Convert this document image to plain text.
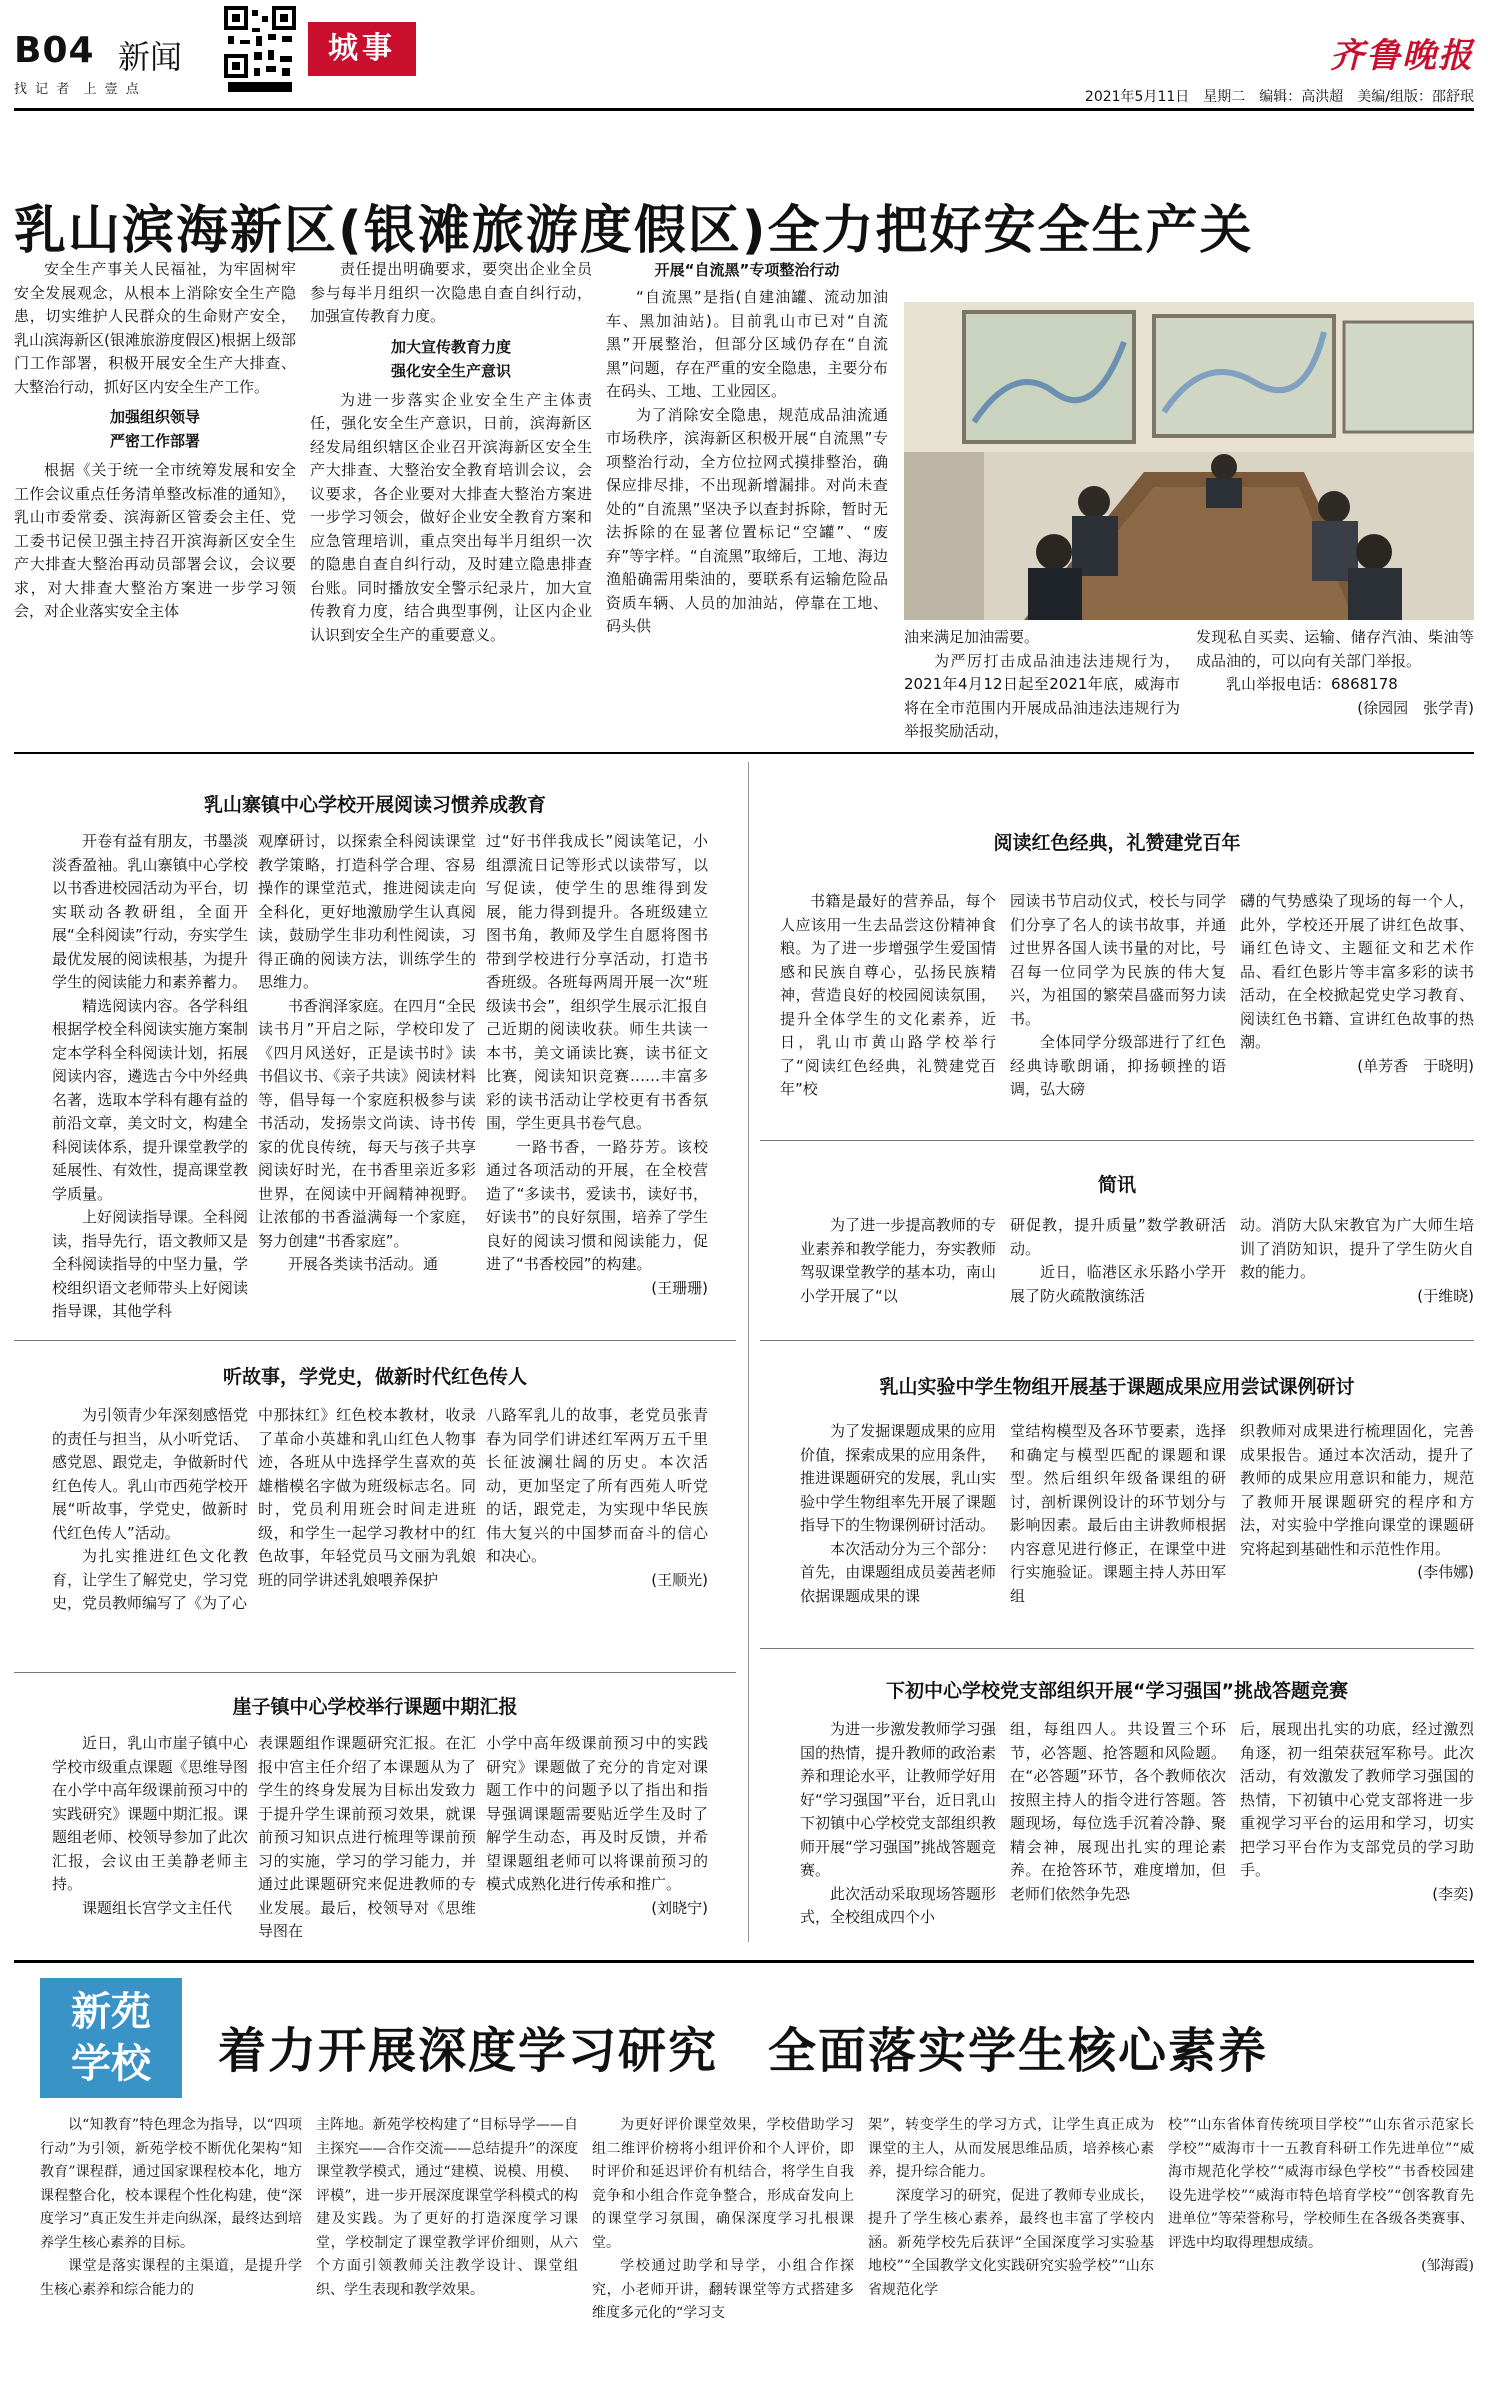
B04 新闻
找 记 者  上 壹 点
城事	齐鲁晚报
2021年5月11日　星期二　编辑：高洪超　美编/组版：邵舒珉
乳山滨海新区(银滩旅游度假区)全力把好安全生产关

安全生产事关人民福祉，为牢固树牢安全发展观念，从根本上消除安全生产隐患，切实维护人民群众的生命财产安全，乳山滨海新区(银滩旅游度假区)根据上级部门工作部署，积极开展安全生产大排查、大整治行动，抓好区内安全生产工作。

加强组织领导

严密工作部署

根据《关于统一全市统筹发展和安全工作会议重点任务清单整改标准的通知》，乳山市委常委、滨海新区管委会主任、党工委书记侯卫强主持召开滨海新区安全生产大排查大整治再动员部署会议，会议要求，对大排查大整治方案进一步学习领会，对企业落实安全主体

责任提出明确要求，要突出企业全员参与每半月组织一次隐患自查自纠行动，加强宣传教育力度。

加大宣传教育力度

强化安全生产意识

为进一步落实企业安全生产主体责任，强化安全生产意识，日前，滨海新区经发局组织辖区企业召开滨海新区安全生产大排查、大整治安全教育培训会议，会议要求，各企业要对大排查大整治方案进一步学习领会，做好企业安全教育方案和应急管理培训，重点突出每半月组织一次的隐患自查自纠行动，及时建立隐患排查台账。同时播放安全警示纪录片，加大宣传教育力度，结合典型事例，让区内企业认识到安全生产的重要意义。

开展“自流黑”专项整治行动

“自流黑”是指(自建油罐、流动加油车、黑加油站)。目前乳山市已对“自流黑”开展整治，但部分区域仍存在“自流黑”问题，存在严重的安全隐患，主要分布在码头、工地、工业园区。

为了消除安全隐患，规范成品油流通市场秩序，滨海新区积极开展“自流黑”专项整治行动，全方位拉网式摸排整治，确保应排尽排，不出现新增漏排。对尚未查处的“自流黑”坚决予以查封拆除，暂时无法拆除的在显著位置标记“空罐”、“废弃”等字样。“自流黑”取缔后，工地、海边渔船确需用柴油的，要联系有运输危险品资质车辆、人员的加油站，停靠在工地、码头供

油来满足加油需要。

为严厉打击成品油违法违规行为，2021年4月12日起至2021年底，威海市将在全市范围内开展成品油违法违规行为举报奖励活动，

发现私自买卖、运输、储存汽油、柴油等成品油的，可以向有关部门举报。

乳山举报电话：6868178

(徐园园　张学青)

乳山寨镇中心学校开展阅读习惯养成教育

开卷有益有朋友，书墨淡淡香盈袖。乳山寨镇中心学校以书香进校园活动为平台，切实联动各教研组，全面开展“全科阅读”行动，夯实学生最优发展的阅读根基，为提升学生的阅读能力和素养蓄力。

精选阅读内容。各学科组根据学校全科阅读实施方案制定本学科全科阅读计划，拓展阅读内容，遴选古今中外经典名著，选取本学科有趣有益的前沿文章，美文时文，构建全科阅读体系，提升课堂教学的延展性、有效性，提高课堂教学质量。

上好阅读指导课。全科阅读，指导先行，语文教师又是全科阅读指导的中坚力量，学校组织语文老师带头上好阅读指导课，其他学科

观摩研讨，以探索全科阅读课堂教学策略，打造科学合理、容易操作的课堂范式，推进阅读走向全科化，更好地激励学生认真阅读，鼓励学生非功利性阅读，习得正确的阅读方法，训练学生的思维力。

书香润泽家庭。在四月“全民读书月”开启之际，学校印发了《四月风送好，正是读书时》读书倡议书、《亲子共读》阅读材料等，倡导每一个家庭积极参与读书活动，发扬崇文尚读、诗书传家的优良传统，每天与孩子共享阅读好时光，在书香里亲近多彩世界，在阅读中开阔精神视野。让浓郁的书香溢满每一个家庭，努力创建“书香家庭”。

开展各类读书活动。通

过“好书伴我成长”阅读笔记，小组漂流日记等形式以读带写，以写促读，使学生的思维得到发展，能力得到提升。各班级建立图书角，教师及学生自愿将图书带到学校进行分享活动，打造书香班级。各班每两周开展一次“班级读书会”，组织学生展示汇报自己近期的阅读收获。师生共读一本书，美文诵读比赛，读书征文比赛，阅读知识竞赛……丰富多彩的读书活动让学校更有书香氛围，学生更具书卷气息。

一路书香，一路芬芳。该校通过各项活动的开展，在全校营造了“多读书，爱读书，读好书，好读书”的良好氛围，培养了学生良好的阅读习惯和阅读能力，促进了“书香校园”的构建。

(王珊珊)

听故事，学党史，做新时代红色传人

为引领青少年深刻感悟党的责任与担当，从小听党话、感党恩、跟党走，争做新时代红色传人。乳山市西苑学校开展“听故事，学党史，做新时代红色传人”活动。

为扎实推进红色文化教育，让学生了解党史，学习党史，党员教师编写了《为了心

中那抹红》红色校本教材，收录了革命小英雄和乳山红色人物事迹，各班从中选择学生喜欢的英雄楷模名字做为班级标志名。同时，党员利用班会时间走进班级，和学生一起学习教材中的红色故事，年轻党员马文丽为乳娘班的同学讲述乳娘喂养保护

八路军乳儿的故事，老党员张青春为同学们讲述红军两万五千里长征波澜壮阔的历史。本次活动，更加坚定了所有西苑人听党的话，跟党走，为实现中华民族伟大复兴的中国梦而奋斗的信心和决心。

(王顺光)

崖子镇中心学校举行课题中期汇报

近日，乳山市崖子镇中心学校市级重点课题《思维导图在小学中高年级课前预习中的实践研究》课题中期汇报。课题组老师、校领导参加了此次汇报，会议由王美静老师主持。

课题组长宫学文主任代

表课题组作课题研究汇报。在汇报中宫主任介绍了本课题从为了学生的终身发展为目标出发致力于提升学生课前预习效果，就课前预习知识点进行梳理等课前预习的实施，学习的学习能力，并通过此课题研究来促进教师的专业发展。最后，校领导对《思维导图在

小学中高年级课前预习中的实践研究》课题做了充分的肯定对课题工作中的问题予以了指出和指导强调课题需要贴近学生及时了解学生动态，再及时反馈，并希望课题组老师可以将课前预习的模式成熟化进行传承和推广。

(刘晓宁)

阅读红色经典，礼赞建党百年

书籍是最好的营养品，每个人应该用一生去品尝这份精神食粮。为了进一步增强学生爱国情感和民族自尊心，弘扬民族精神，营造良好的校园阅读氛围，提升全体学生的文化素养，近日，乳山市黄山路学校举行了“阅读红色经典，礼赞建党百年”校

园读书节启动仪式，校长与同学们分享了名人的读书故事，并通过世界各国人读书量的对比，号召每一位同学为民族的伟大复兴，为祖国的繁荣昌盛而努力读书。

全体同学分级部进行了红色经典诗歌朗诵，抑扬顿挫的语调，弘大磅

礴的气势感染了现场的每一个人，此外，学校还开展了讲红色故事、诵红色诗文、主题征文和艺术作品、看红色影片等丰富多彩的读书活动，在全校掀起党史学习教育、阅读红色书籍、宣讲红色故事的热潮。

(单芳香　于晓明)

简讯

为了进一步提高教师的专业素养和教学能力，夯实教师驾驭课堂教学的基本功，南山小学开展了“以

研促教，提升质量”数学教研活动。

近日，临港区永乐路小学开展了防火疏散演练活

动。消防大队宋教官为广大师生培训了消防知识，提升了学生防火自救的能力。

(于维晓)

乳山实验中学生物组开展基于课题成果应用尝试课例研讨

为了发掘课题成果的应用价值，探索成果的应用条件，推进课题研究的发展，乳山实验中学生物组率先开展了课题指导下的生物课例研讨活动。

本次活动分为三个部分：首先，由课题组成员姜茜老师依据课题成果的课

堂结构模型及各环节要素，选择和确定与模型匹配的课题和课型。然后组织年级备课组的研讨，剖析课例设计的环节划分与影响因素。最后由主讲教师根据内容意见进行修正，在课堂中进行实施验证。课题主持人苏田军组

织教师对成果进行梳理固化，完善成果报告。通过本次活动，提升了教师的成果应用意识和能力，规范了教师开展课题研究的程序和方法，对实验中学推向课堂的课题研究将起到基础性和示范性作用。

(李伟娜)

下初中心学校党支部组织开展“学习强国”挑战答题竞赛

为进一步激发教师学习强国的热情，提升教师的政治素养和理论水平，让教师学好用好“学习强国”平台，近日乳山下初镇中心学校党支部组织教师开展“学习强国”挑战答题竞赛。

此次活动采取现场答题形式，全校组成四个小

组，每组四人。共设置三个环节，必答题、抢答题和风险题。在“必答题”环节，各个教师依次按照主持人的指令进行答题。答题现场，每位选手沉着冷静、聚精会神，展现出扎实的理论素养。在抢答环节，难度增加，但老师们依然争先恐

后，展现出扎实的功底，经过激烈角逐，初一组荣获冠军称号。此次活动，有效激发了教师学习强国的热情，下初镇中心党支部将进一步重视学习平台的运用和学习，切实把学习平台作为支部党员的学习助手。

(李奕)

新苑
学校	着力开展深度学习研究　全面落实学生核心素养

以“知教育”特色理念为指导，以“四项行动”为引领，新苑学校不断优化架构“知教育”课程群，通过国家课程校本化，地方课程整合化，校本课程个性化构建，使“深度学习”真正发生并走向纵深，最终达到培养学生核心素养的目标。

课堂是落实课程的主渠道，是提升学生核心素养和综合能力的

主阵地。新苑学校构建了“目标导学——自主探究——合作交流——总结提升”的深度课堂教学模式，通过“建模、说模、用模、评模”，进一步开展深度课堂学科模式的构建及实践。为了更好的打造深度学习课堂，学校制定了课堂教学评价细则，从六个方面引领教师关注教学设计、课堂组织、学生表现和教学效果。

为更好评价课堂效果，学校借助学习组二维评价榜将小组评价和个人评价，即时评价和延迟评价有机结合，将学生自我竞争和小组合作竞争整合，形成奋发向上的课堂学习氛围，确保深度学习扎根课堂。

学校通过助学和导学，小组合作探究，小老师开讲，翻转课堂等方式搭建多维度多元化的“学习支

架”，转变学生的学习方式，让学生真正成为课堂的主人，从而发展思维品质，培养核心素养，提升综合能力。

深度学习的研究，促进了教师专业成长，提升了学生核心素养，最终也丰富了学校内涵。新苑学校先后获评“全国深度学习实验基地校”“全国教学文化实践研究实验学校”“山东省规范化学

校”“山东省体育传统项目学校”“山东省示范家长学校”“威海市十一五教育科研工作先进单位”“威海市规范化学校”“威海市绿色学校”“书香校园建设先进学校”“威海市特色培育学校”“创客教育先进单位”等荣誉称号，学校师生在各级各类赛事、评选中均取得理想成绩。

(邹海霞)
